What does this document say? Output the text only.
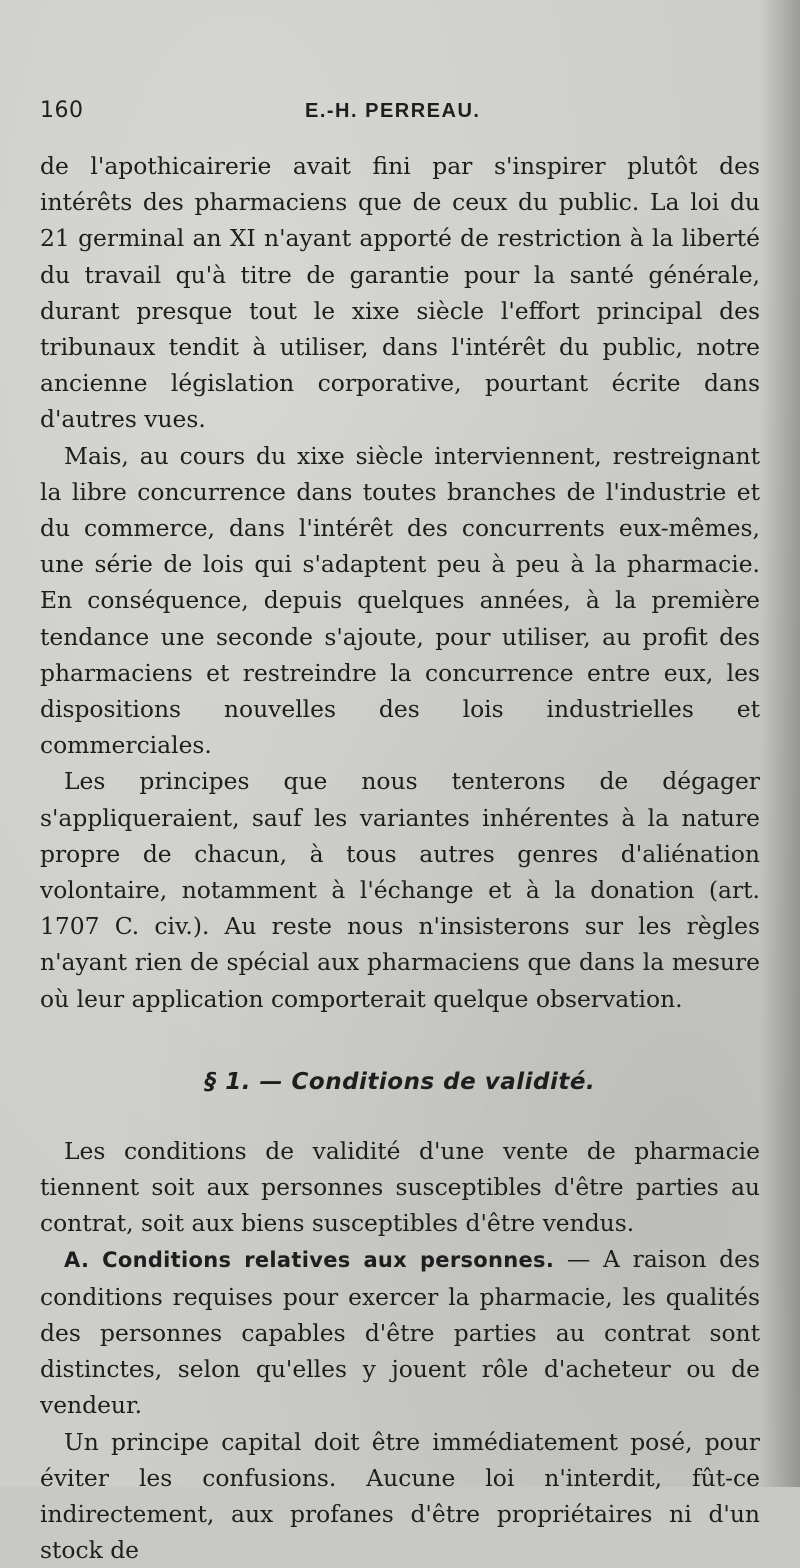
160	E.-H. PERREAU.

de l'apothicairerie avait fini par s'inspirer plutôt des intérêts des pharmaciens que de ceux du public. La loi du 21 germinal an XI n'ayant apporté de restriction à la liberté du travail qu'à titre de garantie pour la santé générale, durant presque tout le xixe siècle l'effort principal des tribunaux tendit à utiliser, dans l'intérêt du public, notre ancienne législation corporative, pourtant écrite dans d'autres vues.

Mais, au cours du xixe siècle interviennent, restreignant la libre concurrence dans toutes branches de l'industrie et du commerce, dans l'intérêt des concurrents eux-mêmes, une série de lois qui s'adaptent peu à peu à la pharmacie. En conséquence, depuis quelques années, à la première tendance une seconde s'ajoute, pour utiliser, au profit des pharmaciens et restreindre la concurrence entre eux, les dispositions nouvelles des lois industrielles et commerciales.

Les principes que nous tenterons de dégager s'appliqueraient, sauf les variantes inhérentes à la nature propre de chacun, à tous autres genres d'aliénation volontaire, notamment à l'échange et à la donation (art. 1707 C. civ.). Au reste nous n'insisterons sur les règles n'ayant rien de spécial aux pharmaciens que dans la mesure où leur application comporterait quelque observation.

§ 1. — Conditions de validité.

Les conditions de validité d'une vente de pharmacie tiennent soit aux personnes susceptibles d'être parties au contrat, soit aux biens susceptibles d'être vendus.

A. Conditions relatives aux personnes. — A raison des conditions requises pour exercer la pharmacie, les qualités des personnes capables d'être parties au contrat sont distinctes, selon qu'elles y jouent rôle d'acheteur ou de vendeur.

Un principe capital doit être immédiatement posé, pour éviter les confusions. Aucune loi n'interdit, fût-ce indirectement, aux profanes d'être propriétaires ni d'un stock de
